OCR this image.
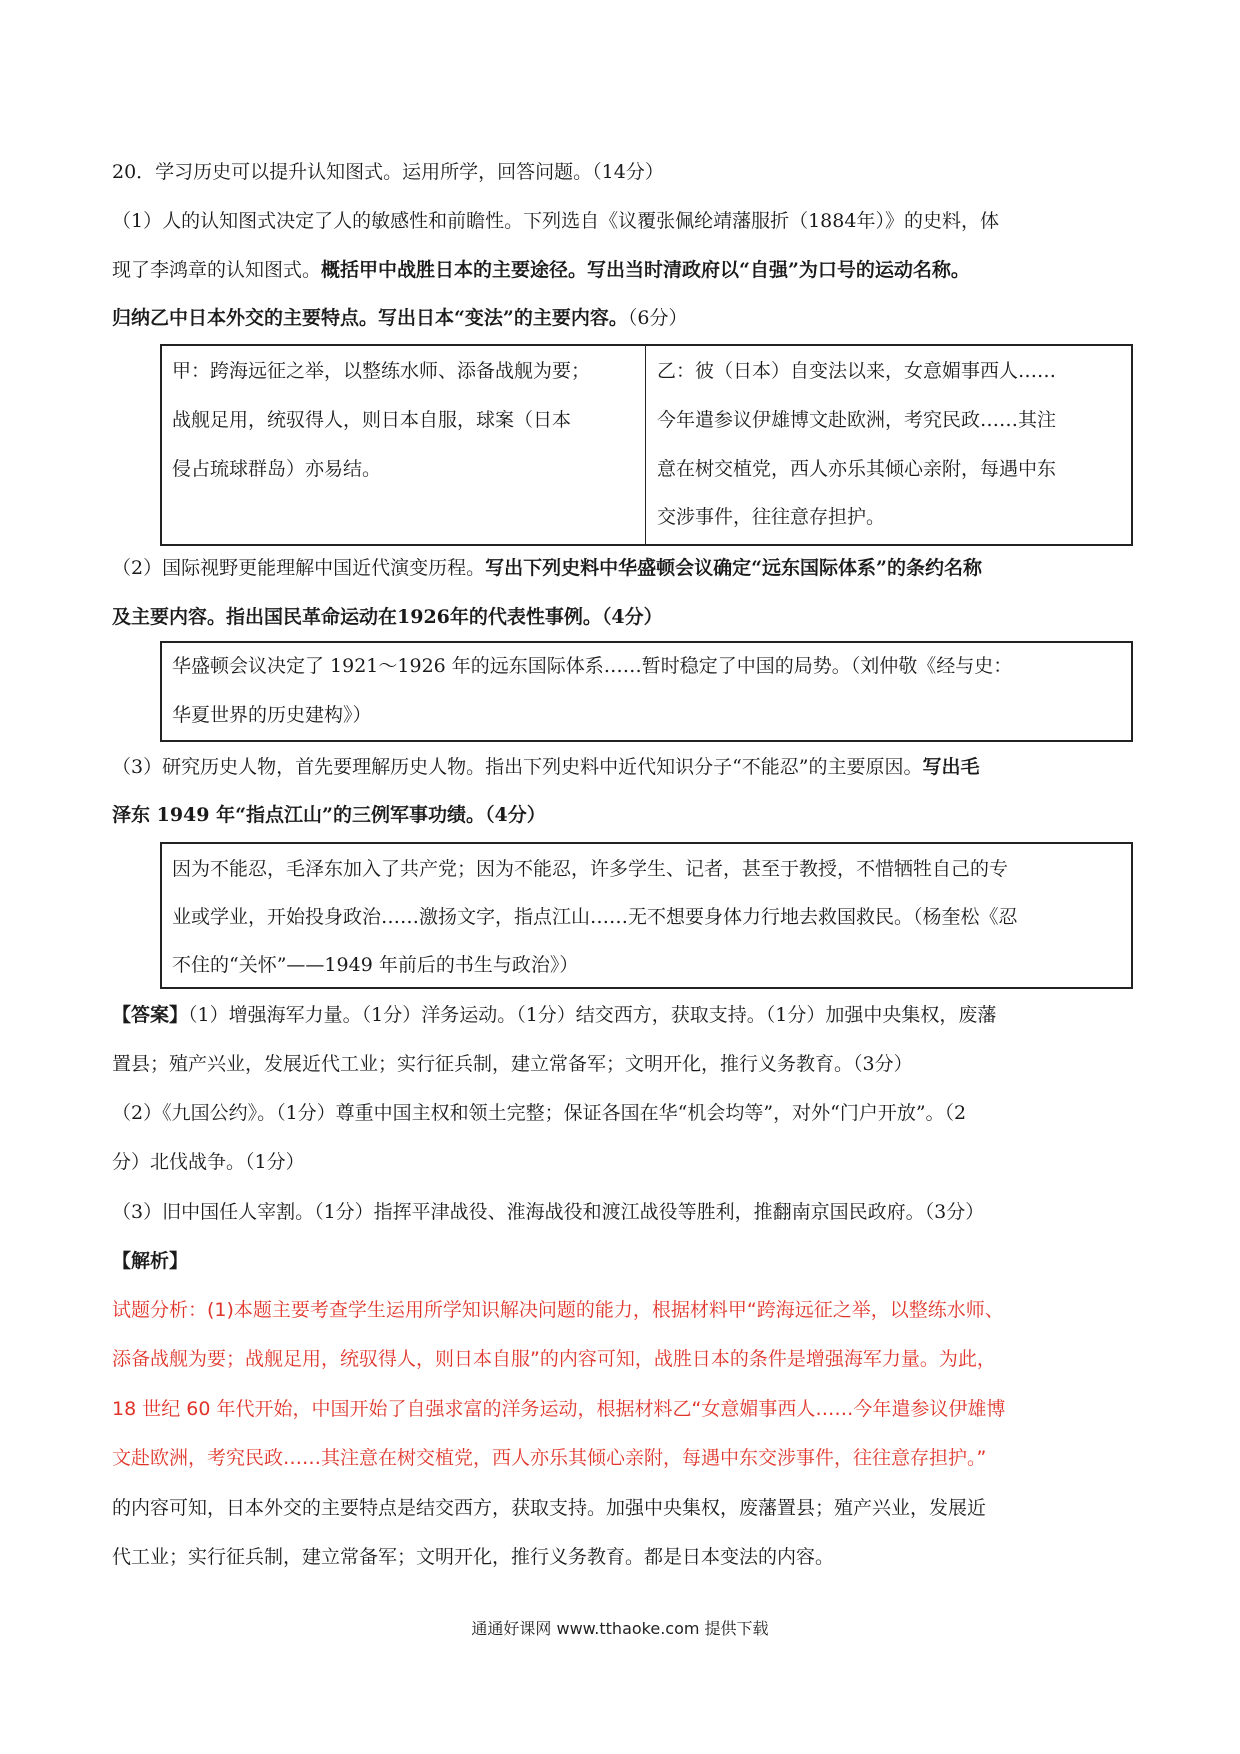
20．学习历史可以提升认知图式。运用所学，回答问题。（14分）
（1）人的认知图式决定了人的敏感性和前瞻性。下列选自《议覆张佩纶靖藩服折（1884年）》的史料，体
现了李鸿章的认知图式。概括甲中战胜日本的主要途径。写出当时清政府以“自强”为口号的运动名称。
归纳乙中日本外交的主要特点。写出日本“变法”的主要内容。（6分）
甲：跨海远征之举，以整练水师、添备战舰为要；
战舰足用，统驭得人，则日本自服，球案（日本
侵占琉球群岛）亦易结。
乙：彼（日本）自变法以来，女意媚事西人……
今年遣参议伊雄博文赴欧洲，考究民政……其注
意在树交植党，西人亦乐其倾心亲附，每遇中东
交涉事件，往往意存担护。
（2）国际视野更能理解中国近代演变历程。写出下列史料中华盛顿会议确定“远东国际体系”的条约名称
及主要内容。指出国民革命运动在1926年的代表性事例。（4分）
华盛顿会议决定了 1921～1926 年的远东国际体系……暂时稳定了中国的局势。（刘仲敬《经与史：
华夏世界的历史建构》）
（3）研究历史人物，首先要理解历史人物。指出下列史料中近代知识分子“不能忍”的主要原因。写出毛
泽东 1949 年“指点江山”的三例军事功绩。（4分）
因为不能忍，毛泽东加入了共产党；因为不能忍，许多学生、记者，甚至于教授，不惜牺牲自己的专
业或学业，开始投身政治……激扬文字，指点江山……无不想要身体力行地去救国救民。（杨奎松《忍
不住的“关怀”——1949 年前后的书生与政治》）
【答案】（1）增强海军力量。（1分）洋务运动。（1分）结交西方，获取支持。（1分）加强中央集权，废藩
置县；殖产兴业，发展近代工业；实行征兵制，建立常备军；文明开化，推行义务教育。（3分）
（2）《九国公约》。（1分）尊重中国主权和领土完整；保证各国在华“机会均等”，对外“门户开放”。（2
分）北伐战争。（1分）
（3）旧中国任人宰割。（1分）指挥平津战役、淮海战役和渡江战役等胜利，推翻南京国民政府。（3分）
【解析】
试题分析：(1)本题主要考查学生运用所学知识解决问题的能力，根据材料甲“跨海远征之举，以整练水师、
添备战舰为要；战舰足用，统驭得人，则日本自服”的内容可知，战胜日本的条件是增强海军力量。为此，
18 世纪 60 年代开始，中国开始了自强求富的洋务运动，根据材料乙“女意媚事西人……今年遣参议伊雄博
文赴欧洲，考究民政……其注意在树交植党，西人亦乐其倾心亲附，每遇中东交涉事件，往往意存担护。”
的内容可知，日本外交的主要特点是结交西方，获取支持。加强中央集权，废藩置县；殖产兴业，发展近
代工业；实行征兵制，建立常备军；文明开化，推行义务教育。都是日本变法的内容。
通通好课网 www.tthaoke.com 提供下载
